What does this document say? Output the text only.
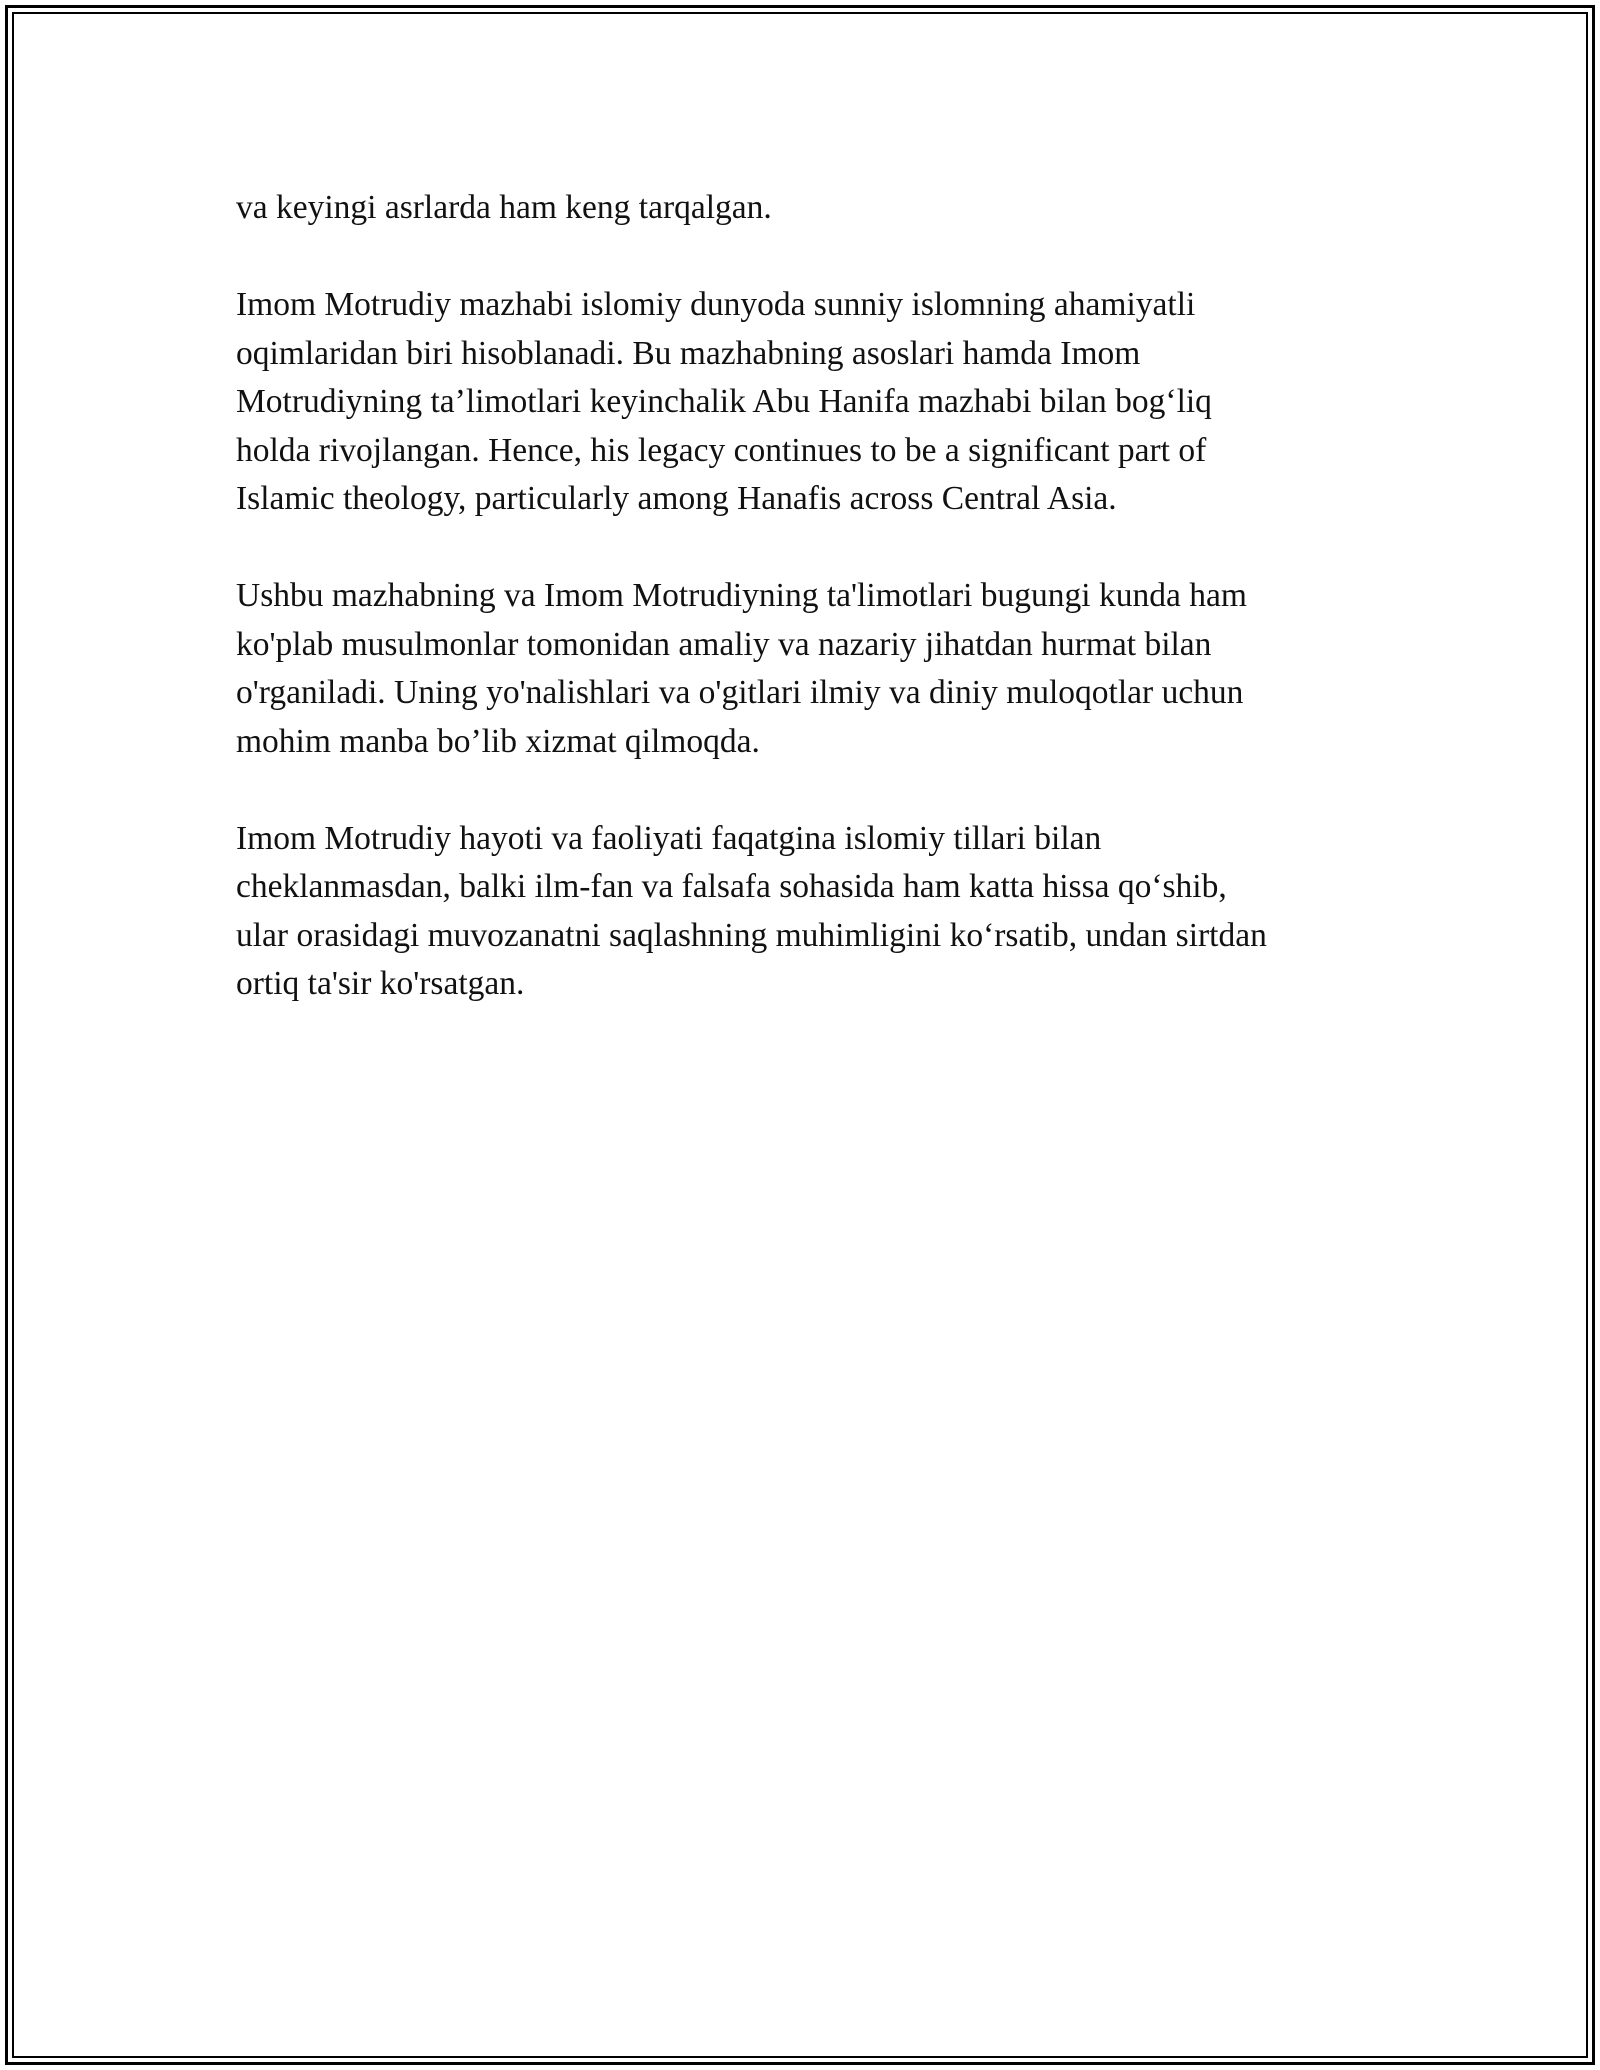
va keyingi asrlarda ham keng tarqalgan.

Imom Motrudiy mazhabi islomiy dunyoda sunniy islomning ahamiyatli
oqimlaridan biri hisoblanadi. Bu mazhabning asoslari hamda Imom
Motrudiyning ta’limotlari keyinchalik Abu Hanifa mazhabi bilan bog‘liq
holda rivojlangan. Hence, his legacy continues to be a significant part of
Islamic theology, particularly among Hanafis across Central Asia.

Ushbu mazhabning va Imom Motrudiyning ta'limotlari bugungi kunda ham
ko'plab musulmonlar tomonidan amaliy va nazariy jihatdan hurmat bilan
o'rganiladi. Uning yo'nalishlari va o'gitlari ilmiy va diniy muloqotlar uchun
mohim manba bo’lib xizmat qilmoqda.

Imom Motrudiy hayoti va faoliyati faqatgina islomiy tillari bilan
cheklanmasdan, balki ilm-fan va falsafa sohasida ham katta hissa qo‘shib,
ular orasidagi muvozanatni saqlashning muhimligini ko‘rsatib, undan sirtdan
ortiq ta'sir ko'rsatgan.
